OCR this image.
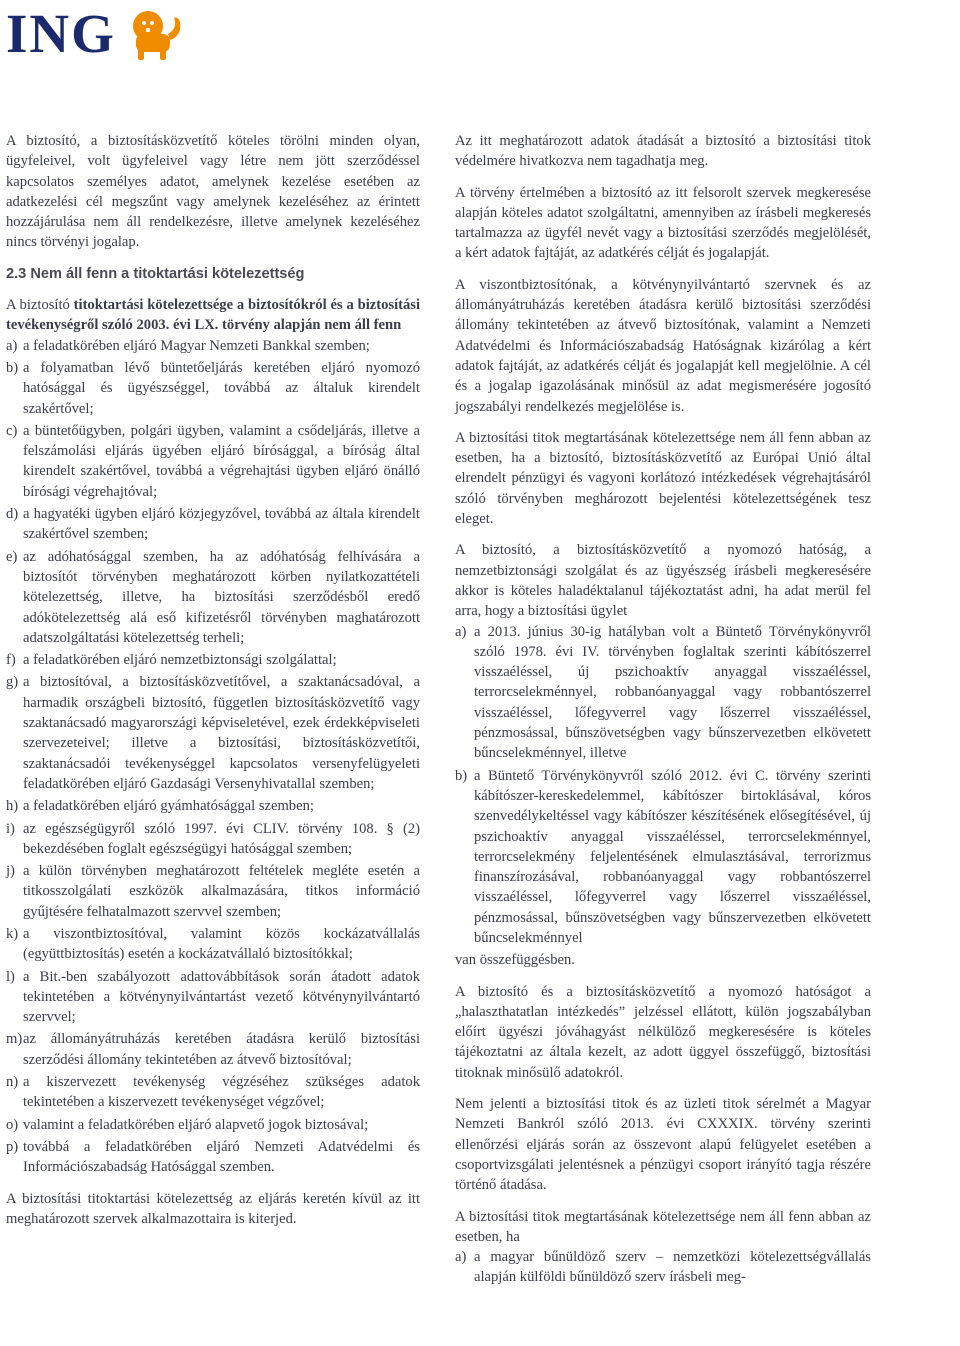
ING

A biztosító, a biztosításközvetítő köteles törölni minden olyan, ügyfeleivel, volt ügyfeleivel vagy létre nem jött szerződéssel kapcsolatos személyes adatot, amelynek kezelése esetében az adatkezelési cél megszűnt vagy amelynek kezeléséhez az érintett hozzájárulása nem áll rendelkezésre, illetve amelynek kezeléséhez nincs törvényi jogalap.

2.3 Nem áll fenn a titoktartási kötelezettség

A biztosító titoktartási kötelezettsége a biztosítókról és a biztosítási tevékenységről szóló 2003. évi LX. törvény alapján nem áll fenn

a) a feladatkörében eljáró Magyar Nemzeti Bankkal szemben;
b) a folyamatban lévő büntetőeljárás keretében eljáró nyomozó hatósággal és ügyészséggel, továbbá az általuk kirendelt szakértővel;
c) a büntetőügyben, polgári ügyben, valamint a csődeljárás, illetve a felszámolási eljárás ügyében eljáró bírósággal, a bíróság által kirendelt szakértővel, továbbá a végrehajtási ügyben eljáró önálló bírósági végrehajtóval;
d) a hagyatéki ügyben eljáró közjegyzővel, továbbá az általa kirendelt szakértővel szemben;
e) az adóhatósággal szemben, ha az adóhatóság felhívására a biztosítót törvényben meghatározott körben nyilatkozattételi kötelezettség, illetve, ha biztosítási szerződésből eredő adókötelezettség alá eső kifizetésről törvényben maghatározott adatszolgáltatási kötelezettség terheli;
f) a feladatkörében eljáró nemzetbiztonsági szolgálattal;
g) a biztosítóval, a biztosításközvetítővel, a szaktanácsadóval, a harmadik országbeli biztosító, független biztosításközvetítő vagy szaktanácsadó magyarországi képviseletével, ezek érdekképviseleti szervezeteivel; illetve a biztosítási, biztosításközvetítői, szaktanácsadói tevékenységgel kapcsolatos versenyfelügyeleti feladatkörében eljáró Gazdasági Versenyhivatallal szemben;
h) a feladatkörében eljáró gyámhatósággal szemben;
i) az egészségügyről szóló 1997. évi CLIV. törvény 108. § (2) bekezdésében foglalt egészségügyi hatósággal szemben;
j) a külön törvényben meghatározott feltételek megléte esetén a titkosszolgálati eszközök alkalmazására, titkos információ gyűjtésére felhatalmazott szervvel szemben;
k) a viszontbiztosítóval, valamint közös kockázatvállalás (együttbiztosítás) esetén a kockázatvállaló biztosítókkal;
l) a Bit.-ben szabályozott adattovábbítások során átadott adatok tekintetében a kötvénynyilvántartást vezető kötvénynyilvántartó szervvel;
m) az állományátruházás keretében átadásra kerülő biztosítási szerződési állomány tekintetében az átvevő biztosítóval;
n) a kiszervezett tevékenység végzéséhez szükséges adatok tekintetében a kiszervezett tevékenységet végzővel;
o) valamint a feladatkörében eljáró alapvető jogok biztosával;
p) továbbá a feladatkörében eljáró Nemzeti Adatvédelmi és Információszabadság Hatósággal szemben.

A biztosítási titoktartási kötelezettség az eljárás keretén kívül az itt meghatározott szervek alkalmazottaira is kiterjed.

Az itt meghatározott adatok átadását a biztosító a biztosítási titok védelmére hivatkozva nem tagadhatja meg.

A törvény értelmében a biztosító az itt felsorolt szervek megkeresése alapján köteles adatot szolgáltatni, amennyiben az írásbeli megkeresés tartalmazza az ügyfél nevét vagy a biztosítási szerződés megjelölését, a kért adatok fajtáját, az adatkérés célját és jogalapját.

A viszontbiztosítónak, a kötvénynyilvántartó szervnek és az állományátruházás keretében átadásra kerülő biztosítási szerződési állomány tekintetében az átvevő biztosítónak, valamint a Nemzeti Adatvédelmi és Információszabadság Hatóságnak kizárólag a kért adatok fajtáját, az adatkérés célját és jogalapját kell megjelölnie. A cél és a jogalap igazolásának minősül az adat megismerésére jogosító jogszabályi rendelkezés megjelölése is.

A biztosítási titok megtartásának kötelezettsége nem áll fenn abban az esetben, ha a biztosító, biztosításközvetítő az Európai Unió által elrendelt pénzügyi és vagyoni korlátozó intézkedések végrehajtásáról szóló törvényben meghározott bejelentési kötelezettségének tesz eleget.

A biztosító, a biztosításközvetítő a nyomozó hatóság, a nemzetbiztonsági szolgálat és az ügyészség írásbeli megkeresésére akkor is köteles haladéktalanul tájékoztatást adni, ha adat merül fel arra, hogy a biztosítási ügylet

a) a 2013. június 30-ig hatályban volt a Büntető Törvénykönyvről szóló 1978. évi IV. törvényben foglaltak szerinti kábítószerrel visszaéléssel, új pszichoaktív anyaggal visszaéléssel, terrorcselekménnyel, robbanóanyaggal vagy robbantószerrel visszaéléssel, lőfegyverrel vagy lőszerrel visszaéléssel, pénzmosással, bűnszövetségben vagy bűnszervezetben elkövetett bűncselekménnyel, illetve
b) a Büntető Törvénykönyvről szóló 2012. évi C. törvény szerinti kábítószer-kereskedelemmel, kábítószer birtoklásával, kóros szenvedélykeltéssel vagy kábítószer készítésének elősegítésével, új pszichoaktív anyaggal visszaéléssel, terrorcselekménnyel, terrorcselekmény feljelentésének elmulasztásával, terrorizmus finanszírozásával, robbanóanyaggal vagy robbantószerrel visszaéléssel, lőfegyverrel vagy lőszerrel visszaéléssel, pénzmosással, bűnszövetségben vagy bűnszervezetben elkövetett bűncselekménnyel

van összefüggésben.

A biztosító és a biztosításközvetítő a nyomozó hatóságot a „halaszthatatlan intézkedés” jelzéssel ellátott, külön jogszabályban előírt ügyészi jóváhagyást nélkülöző megkeresésére is köteles tájékoztatni az általa kezelt, az adott üggyel összefüggő, biztosítási titoknak minősülő adatokról.

Nem jelenti a biztosítási titok és az üzleti titok sérelmét a Magyar Nemzeti Bankról szóló 2013. évi CXXXIX. törvény szerinti ellenőrzési eljárás során az összevont alapú felügyelet esetében a csoportvizsgálati jelentésnek a pénzügyi csoport irányító tagja részére történő átadása.

A biztosítási titok megtartásának kötelezettsége nem áll fenn abban az esetben, ha

a) a magyar bűnüldöző szerv – nemzetközi kötelezettségvállalás alapján külföldi bűnüldöző szerv írásbeli meg-
